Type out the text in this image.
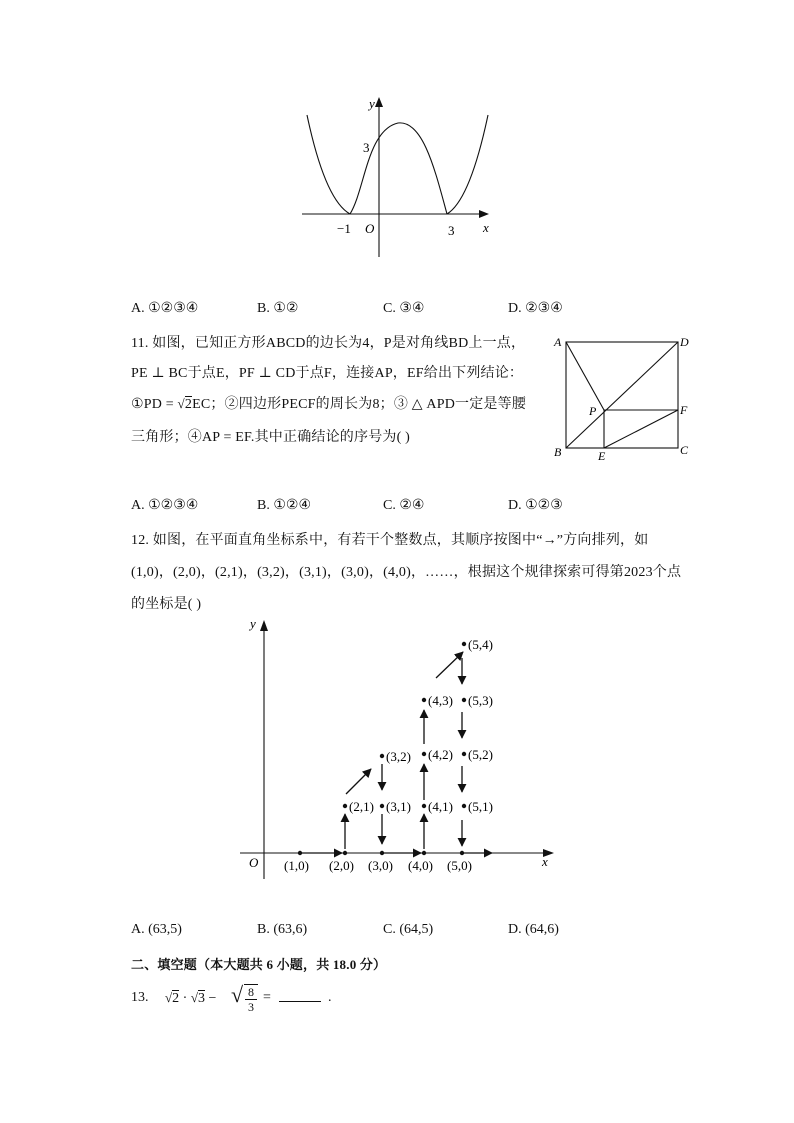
y
x
O
3
−1	3
A. ①②③④	B. ①②	C. ③④	D. ②③④
11. 如图，已知正方形ABCD的边长为4，P是对角线BD上一点，
PE ⊥ BC于点E，PF ⊥ CD于点F，连接AP，EF给出下列结论：
①PD = √2EC；②四边形PECF的周长为8；③ △ APD一定是等腰
三角形；④AP = EF.其中正确结论的序号为( )
A	D
P	F
B	E	C
A. ①②③④	B. ①②④	C. ②④	D. ①②③
12. 如图，在平面直角坐标系中，有若干个整数点，其顺序按图中“→”方向排列，如
(1,0)，(2,0)，(2,1)，(3,2)，(3,1)，(3,0)，(4,0)，……，根据这个规律探索可得第2023个点
的坐标是( )
y
x
O (1,0) (2,0) (3,0) (4,0) (5,0)
(2,1)
(3,2)
(3,1)
(4,3)
(4,2)
(4,1)
(5,4)
(5,3)
(5,2)
(5,1)
A. (63,5)	B. (63,6)	C. (64,5)	D. (64,6)
二、填空题（本大题共 6 小题，共 18.0 分）
13. √2 · √3 − √ 8
3
=	.
